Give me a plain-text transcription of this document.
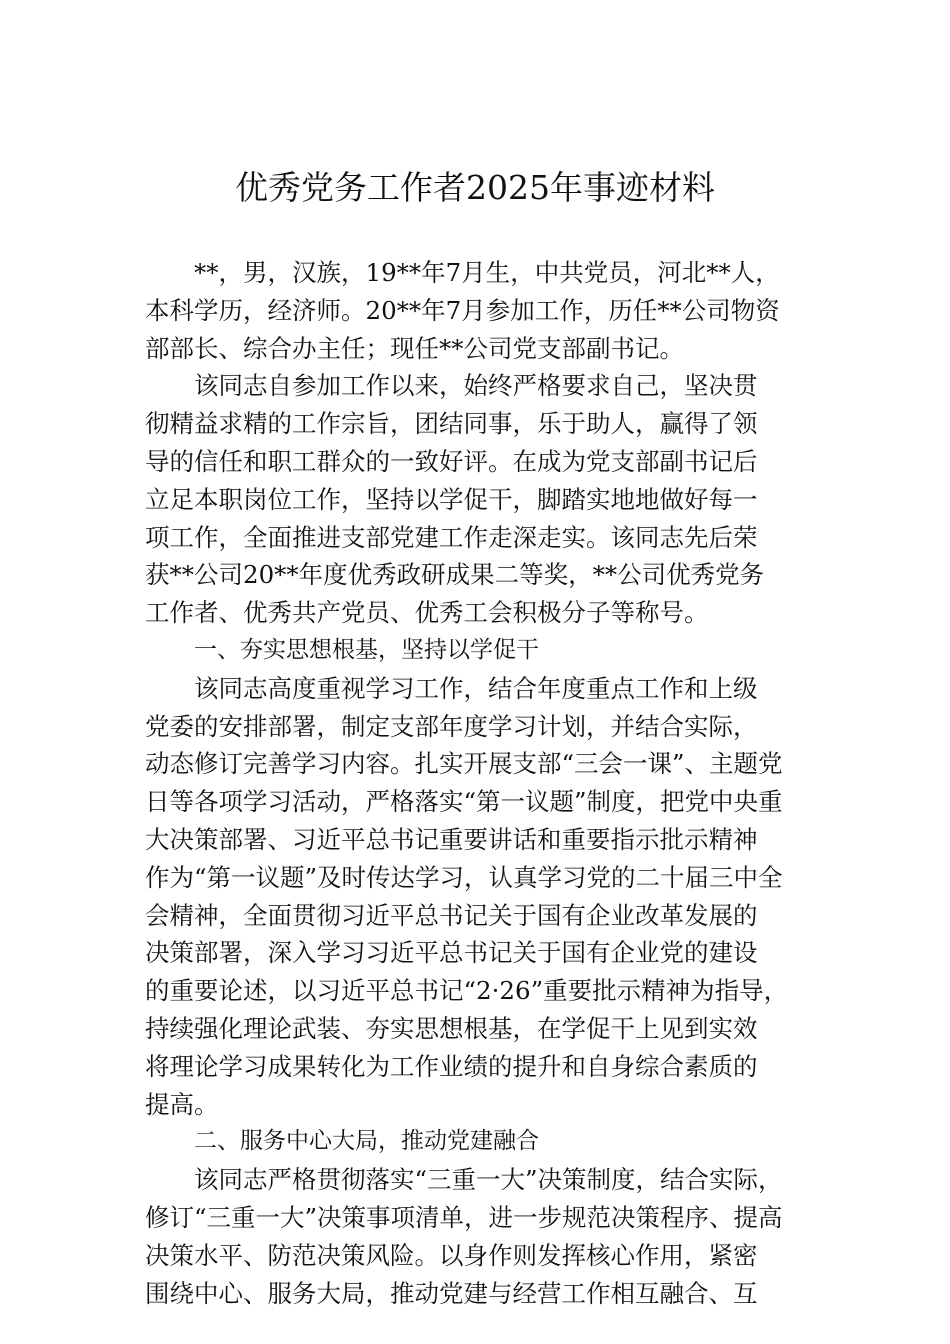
优秀党务工作者2025年事迹材料
**，男，汉族，19**年7月生，中共党员，河北**人，
本科学历，经济师。20**年7月参加工作，历任**公司物资
部部长、综合办主任；现任**公司党支部副书记。
该同志自参加工作以来，始终严格要求自己，坚决贯
彻精益求精的工作宗旨，团结同事，乐于助人，赢得了领
导的信任和职工群众的一致好评。在成为党支部副书记后
立足本职岗位工作，坚持以学促干，脚踏实地地做好每一
项工作，全面推进支部党建工作走深走实。该同志先后荣
获**公司20**年度优秀政研成果二等奖，**公司优秀党务
工作者、优秀共产党员、优秀工会积极分子等称号。
一、夯实思想根基，坚持以学促干
该同志高度重视学习工作，结合年度重点工作和上级
党委的安排部署，制定支部年度学习计划，并结合实际，
动态修订完善学习内容。扎实开展支部“三会一课”、主题党
日等各项学习活动，严格落实“第一议题”制度，把党中央重
大决策部署、习近平总书记重要讲话和重要指示批示精神
作为“第一议题”及时传达学习，认真学习党的二十届三中全
会精神，全面贯彻习近平总书记关于国有企业改革发展的
决策部署，深入学习习近平总书记关于国有企业党的建设
的重要论述，以习近平总书记“2·26”重要批示精神为指导，
持续强化理论武装、夯实思想根基，在学促干上见到实效
将理论学习成果转化为工作业绩的提升和自身综合素质的
提高。
二、服务中心大局，推动党建融合
该同志严格贯彻落实“三重一大”决策制度，结合实际，
修订“三重一大”决策事项清单，进一步规范决策程序、提高
决策水平、防范决策风险。以身作则发挥核心作用，紧密
围绕中心、服务大局，推动党建与经营工作相互融合、互
